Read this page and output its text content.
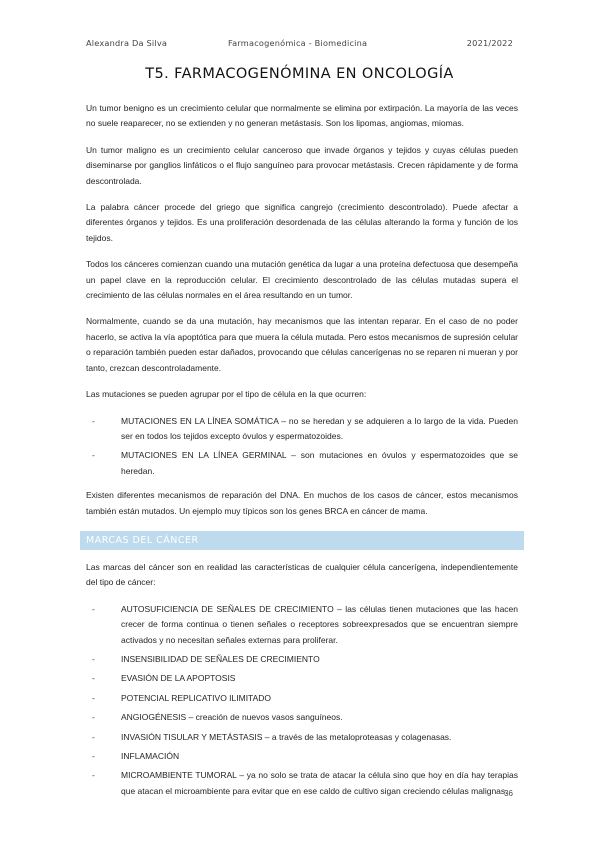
Alexandra Da Silva	Farmacogenómica - Biomedicina	2021/2022
T5. FARMACOGENÓMINA EN ONCOLOGÍA

Un tumor benigno es un crecimiento celular que normalmente se elimina por extirpación. La mayoría de las veces no suele reaparecer, no se extienden y no generan metástasis. Son los lipomas, angiomas, miomas.

Un tumor maligno es un crecimiento celular canceroso que invade órganos y tejidos y cuyas células pueden diseminarse por ganglios linfáticos o el flujo sanguíneo para provocar metástasis. Crecen rápidamente y de forma descontrolada.

La palabra cáncer procede del griego que significa cangrejo (crecimiento descontrolado). Puede afectar a diferentes órganos y tejidos. Es una proliferación desordenada de las células alterando la forma y función de los tejidos.

Todos los cánceres comienzan cuando una mutación genética da lugar a una proteína defectuosa que desempeña un papel clave en la reproducción celular. El crecimiento descontrolado de las células mutadas supera el crecimiento de las células normales en el área resultando en un tumor.

Normalmente, cuando se da una mutación, hay mecanismos que las intentan reparar. En el caso de no poder hacerlo, se activa la vía apoptótica para que muera la célula mutada. Pero estos mecanismos de supresión celular o reparación también pueden estar dañados, provocando que células cancerígenas no se reparen ni mueran y por tanto, crezcan descontroladamente.

Las mutaciones se pueden agrupar por el tipo de célula en la que ocurren:

- MUTACIONES EN LA LÍNEA SOMÁTICA – no se heredan y se adquieren a lo largo de la vida. Pueden ser en todos los tejidos excepto óvulos y espermatozoides.
- MUTACIONES EN LA LÍNEA GERMINAL – son mutaciones en óvulos y espermatozoides que se heredan.

Existen diferentes mecanismos de reparación del DNA. En muchos de los casos de cáncer, estos mecanismos también están mutados. Un ejemplo muy típicos son los genes BRCA en cáncer de mama.

MARCAS DEL CÁNCER

Las marcas del cáncer son en realidad las características de cualquier célula cancerígena, independientemente del tipo de cáncer:

- AUTOSUFICIENCIA DE SEÑALES DE CRECIMIENTO – las células tienen mutaciones que las hacen crecer de forma continua o tienen señales o receptores sobreexpresados que se encuentran siempre activados y no necesitan señales externas para proliferar.
- INSENSIBILIDAD DE SEÑALES DE CRECIMIENTO
- EVASIÓN DE LA APOPTOSIS
- POTENCIAL REPLICATIVO ILIMITADO
- ANGIOGÉNESIS – creación de nuevos vasos sanguíneos.
- INVASIÓN TISULAR Y METÁSTASIS – a través de las metaloproteasas y colagenasas.
- INFLAMACIÓN
- MICROAMBIENTE TUMORAL – ya no solo se trata de atacar la célula sino que hoy en día hay terapias que atacan el microambiente para evitar que en ese caldo de cultivo sigan creciendo células malignas.
36
